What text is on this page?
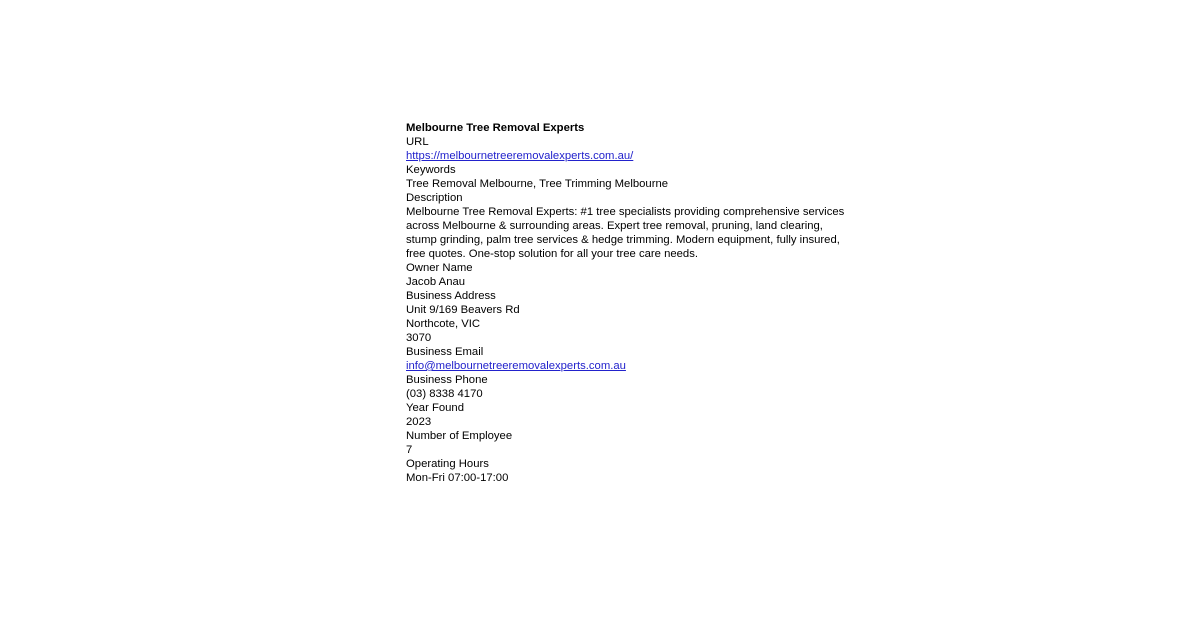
Melbourne Tree Removal Experts
URL
https://melbournetreeremovalexperts.com.au/
Keywords
Tree Removal Melbourne, Tree Trimming Melbourne
Description
Melbourne Tree Removal Experts: #1 tree specialists providing comprehensive services across Melbourne & surrounding areas. Expert tree removal, pruning, land clearing, stump grinding, palm tree services & hedge trimming. Modern equipment, fully insured, free quotes. One-stop solution for all your tree care needs.
Owner Name
Jacob Anau
Business Address
Unit 9/169 Beavers Rd
Northcote, VIC
3070
Business Email
info@melbournetreeremovalexperts.com.au
Business Phone
(03) 8338 4170
Year Found
2023
Number of Employee
7
Operating Hours
Mon-Fri 07:00-17:00
